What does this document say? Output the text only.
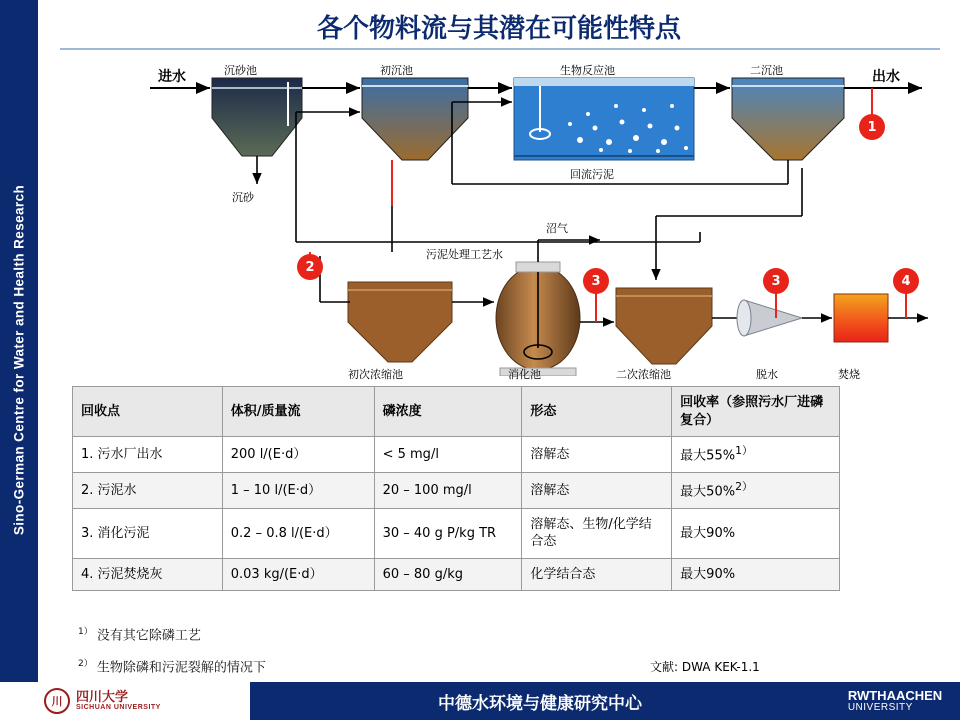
Sino-German Centre for Water and Health Research
各个物料流与其潜在可能性特点
进水	沉砂池	初沉池	生物反应池	二沉池	出水
沉砂
回流污泥
污泥处理工艺水
沼气
初次浓缩池	消化池	二次浓缩池	脱水	焚烧
1
2
3	3	4
回收点	体积/质量流	磷浓度	形态	回收率（参照污水厂进磷复合）
1. 污水厂出水	200 l/(E·d）	< 5 mg/l	溶解态	最大55%$^{1)}$
2. 污泥水	1 – 10 l/(E·d）	20 – 100 mg/l	溶解态	最大50%$^{2)}$
3. 消化污泥	0.2 – 0.8 l/(E·d）	30 – 40 g P/kg TR	溶解态、生物/化学结合态	最大90%
4. 污泥焚烧灰	0.03 kg/(E·d）	60 – 80 g/kg	化学结合态	最大90%
$^{1)}$ 没有其它除磷工艺
$^{2)}$ 生物除磷和污泥裂解的情况下	文献: DWA KEK-1.1
川	四川大学
SICHUAN UNIVERSITY	中德水环境与健康研究中心	RWTHAACHEN
UNIVERSITY
